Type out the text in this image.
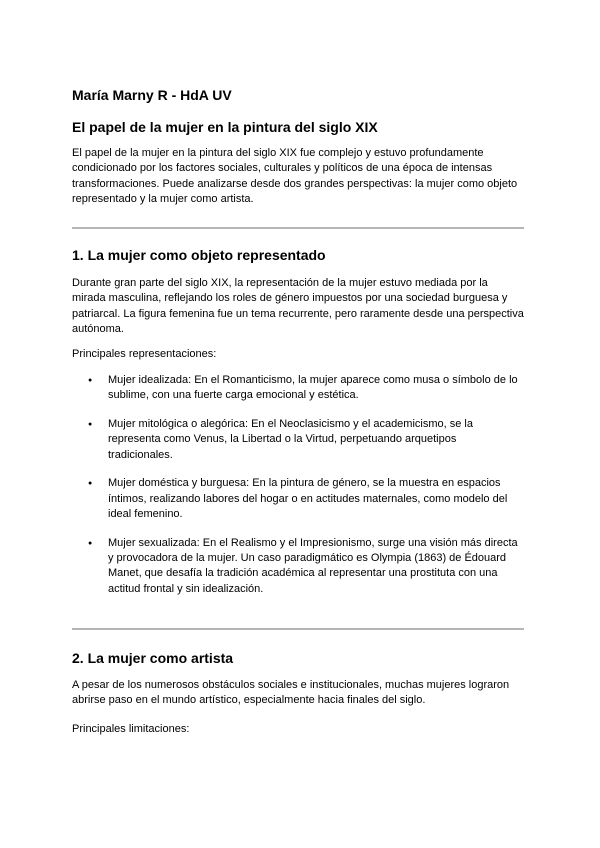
María Marny R - HdA UV
El papel de la mujer en la pintura del siglo XIX

El papel de la mujer en la pintura del siglo XIX fue complejo y estuvo profundamente condicionado por los factores sociales, culturales y políticos de una época de intensas transformaciones. Puede analizarse desde dos grandes perspectivas: la mujer como objeto representado y la mujer como artista.

1. La mujer como objeto representado

Durante gran parte del siglo XIX, la representación de la mujer estuvo mediada por la mirada masculina, reflejando los roles de género impuestos por una sociedad burguesa y patriarcal. La figura femenina fue un tema recurrente, pero raramente desde una perspectiva autónoma.

Principales representaciones:

● Mujer idealizada: En el Romanticismo, la mujer aparece como musa o símbolo de lo sublime, con una fuerte carga emocional y estética.
● Mujer mitológica o alegórica: En el Neoclasicismo y el academicismo, se la representa como Venus, la Libertad o la Virtud, perpetuando arquetipos tradicionales.
● Mujer doméstica y burguesa: En la pintura de género, se la muestra en espacios íntimos, realizando labores del hogar o en actitudes maternales, como modelo del ideal femenino.
● Mujer sexualizada: En el Realismo y el Impresionismo, surge una visión más directa y provocadora de la mujer. Un caso paradigmático es Olympia (1863) de Édouard Manet, que desafía la tradición académica al representar una prostituta con una actitud frontal y sin idealización.
2. La mujer como artista

A pesar de los numerosos obstáculos sociales e institucionales, muchas mujeres lograron abrirse paso en el mundo artístico, especialmente hacia finales del siglo.

Principales limitaciones:
